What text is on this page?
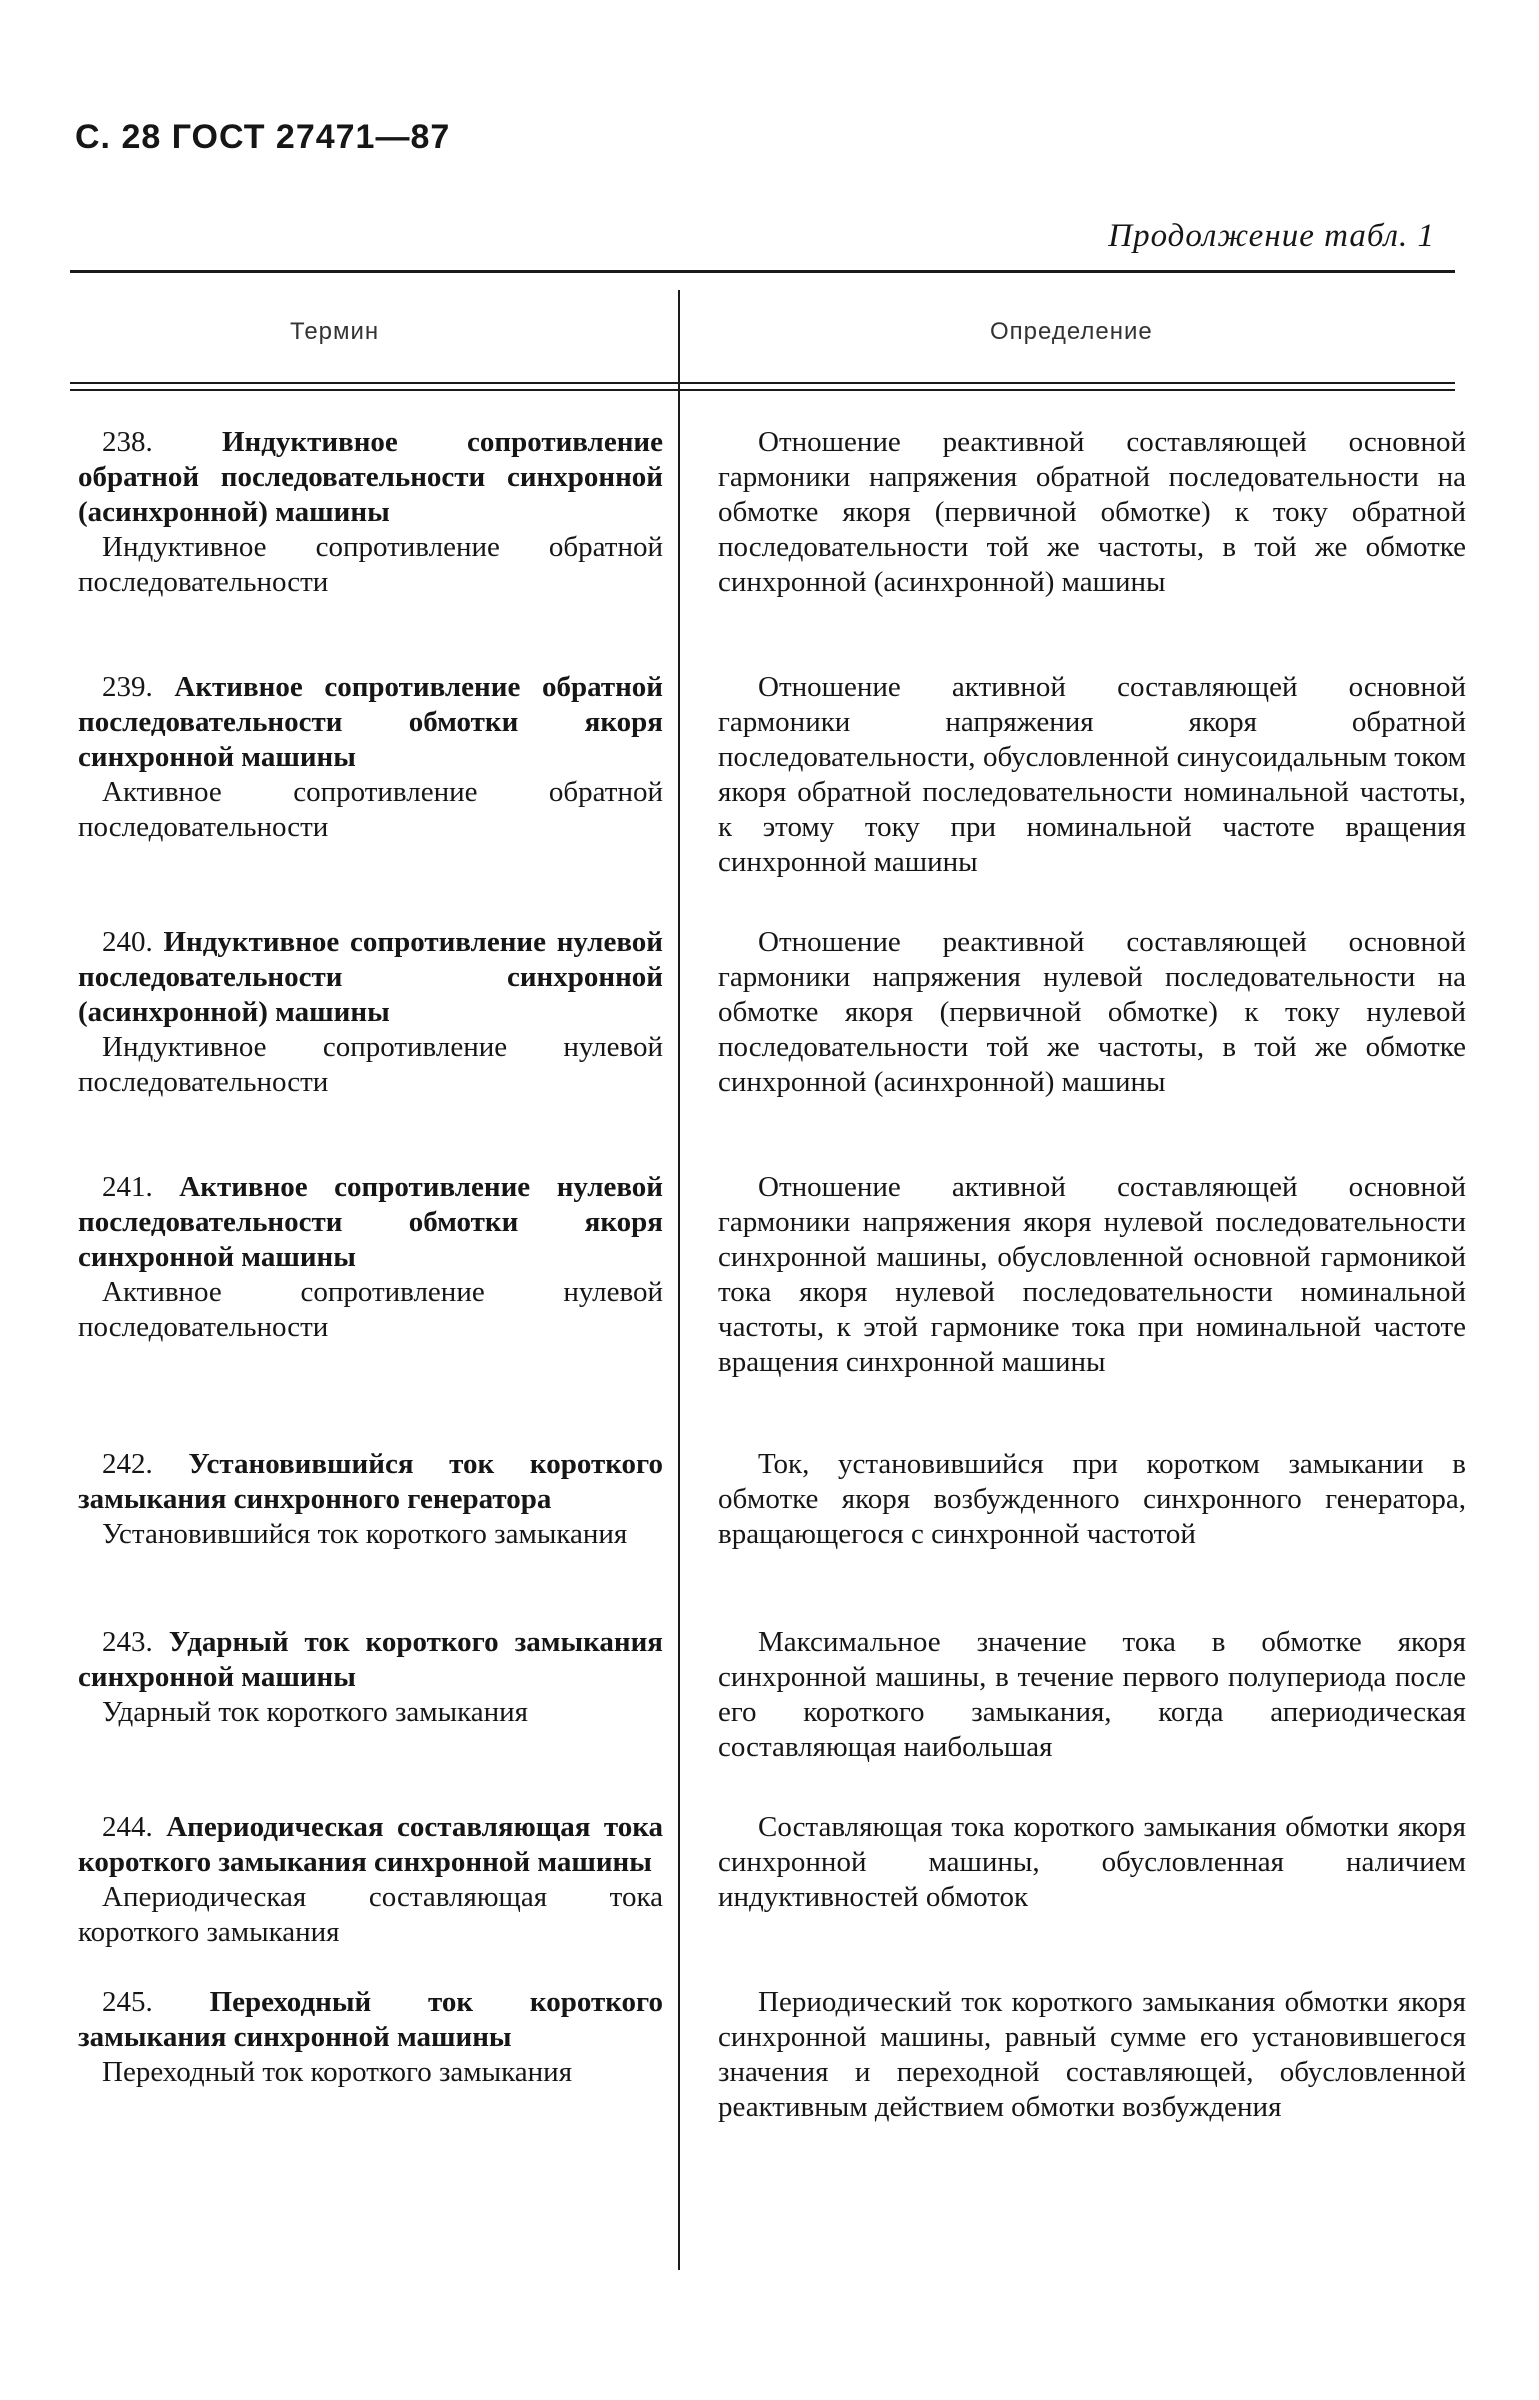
С. 28 ГОСТ 27471—87
Продолжение табл. 1
Термин	Определение

238. Индуктивное сопротивление обратной последовательности синхронной (асинхронной) машины

Индуктивное сопротивление обратной последовательности

239. Активное сопротивление обратной последовательности обмотки якоря синхронной машины

Активное сопротивление обратной последовательности

240. Индуктивное сопротивление нулевой последовательности синхронной (асинхронной) машины

Индуктивное сопротивление нулевой последовательности

241. Активное сопротивление нулевой последовательности обмотки якоря синхронной машины

Активное сопротивление нулевой последовательности

242. Установившийся ток короткого замыкания синхронного генератора

Установившийся ток короткого замыкания

243. Ударный ток короткого замыкания синхронной машины

Ударный ток короткого замыкания

244. Апериодическая составляющая тока короткого замыкания синхронной машины

Апериодическая составляющая тока короткого замыкания

245. Переходный ток короткого замыкания синхронной машины

Переходный ток короткого замыкания

Отношение реактивной составляющей основной гармоники напряжения обратной последовательности на обмотке якоря (первичной обмотке) к току обратной последовательности той же частоты, в той же обмотке синхронной (асинхронной) машины

Отношение активной составляющей основной гармоники напряжения якоря обратной последовательности, обусловленной синусоидальным током якоря обратной последовательности номинальной частоты, к этому току при номинальной частоте вращения синхронной машины

Отношение реактивной составляющей основной гармоники напряжения нулевой последовательности на обмотке якоря (первичной обмотке) к току нулевой последовательности той же частоты, в той же обмотке синхронной (асинхронной) машины

Отношение активной составляющей основной гармоники напряжения якоря нулевой последовательности синхронной машины, обусловленной основной гармоникой тока якоря нулевой последовательности номинальной частоты, к этой гармонике тока при номинальной частоте вращения синхронной машины

Ток, установившийся при коротком замыкании в обмотке якоря возбужденного синхронного генератора, вращающегося с синхронной частотой

Максимальное значение тока в обмотке якоря синхронной машины, в течение первого полупериода после его короткого замыкания, когда апериодическая составляющая наибольшая

Составляющая тока короткого замыкания обмотки якоря синхронной машины, обусловленная наличием индуктивностей обмоток

Периодический ток короткого замыкания обмотки якоря синхронной машины, равный сумме его установившегося значения и переходной составляющей, обусловленной реактивным действием обмотки возбуждения
